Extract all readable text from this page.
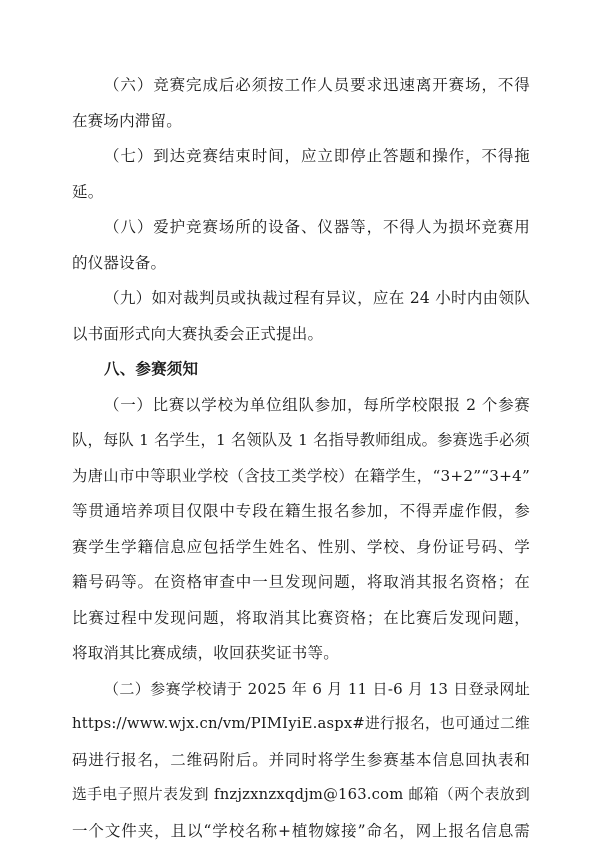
（六）竞赛完成后必须按工作人员要求迅速离开赛场，不得
在赛场内滞留。
（七）到达竞赛结束时间，应立即停止答题和操作，不得拖
延。
（八）爱护竞赛场所的设备、仪器等，不得人为损坏竞赛用
的仪器设备。
（九）如对裁判员或执裁过程有异议，应在 24 小时内由领队
以书面形式向大赛执委会正式提出。
八、参赛须知
（一）比赛以学校为单位组队参加，每所学校限报 2 个参赛
队，每队 1 名学生，1 名领队及 1 名指导教师组成。参赛选手必须
为唐山市中等职业学校（含技工类学校）在籍学生，“3+2”“3+4”
等贯通培养项目仅限中专段在籍生报名参加，不得弄虚作假，参
赛学生学籍信息应包括学生姓名、性别、学校、身份证号码、学
籍号码等。在资格审查中一旦发现问题，将取消其报名资格；在
比赛过程中发现问题，将取消其比赛资格；在比赛后发现问题，
将取消其比赛成绩，收回获奖证书等。
（二）参赛学校请于 2025 年 6 月 11 日-6 月 13 日登录网址
https://www.wjx.cn/vm/PIMIyiE.aspx#进行报名，也可通过二维
码进行报名，二维码附后。并同时将学生参赛基本信息回执表和
选手电子照片表发到 fnzjzxnzxqdjm@163.com 邮箱（两个表放到
一个文件夹，且以“学校名称+植物嫁接”命名，网上报名信息需
